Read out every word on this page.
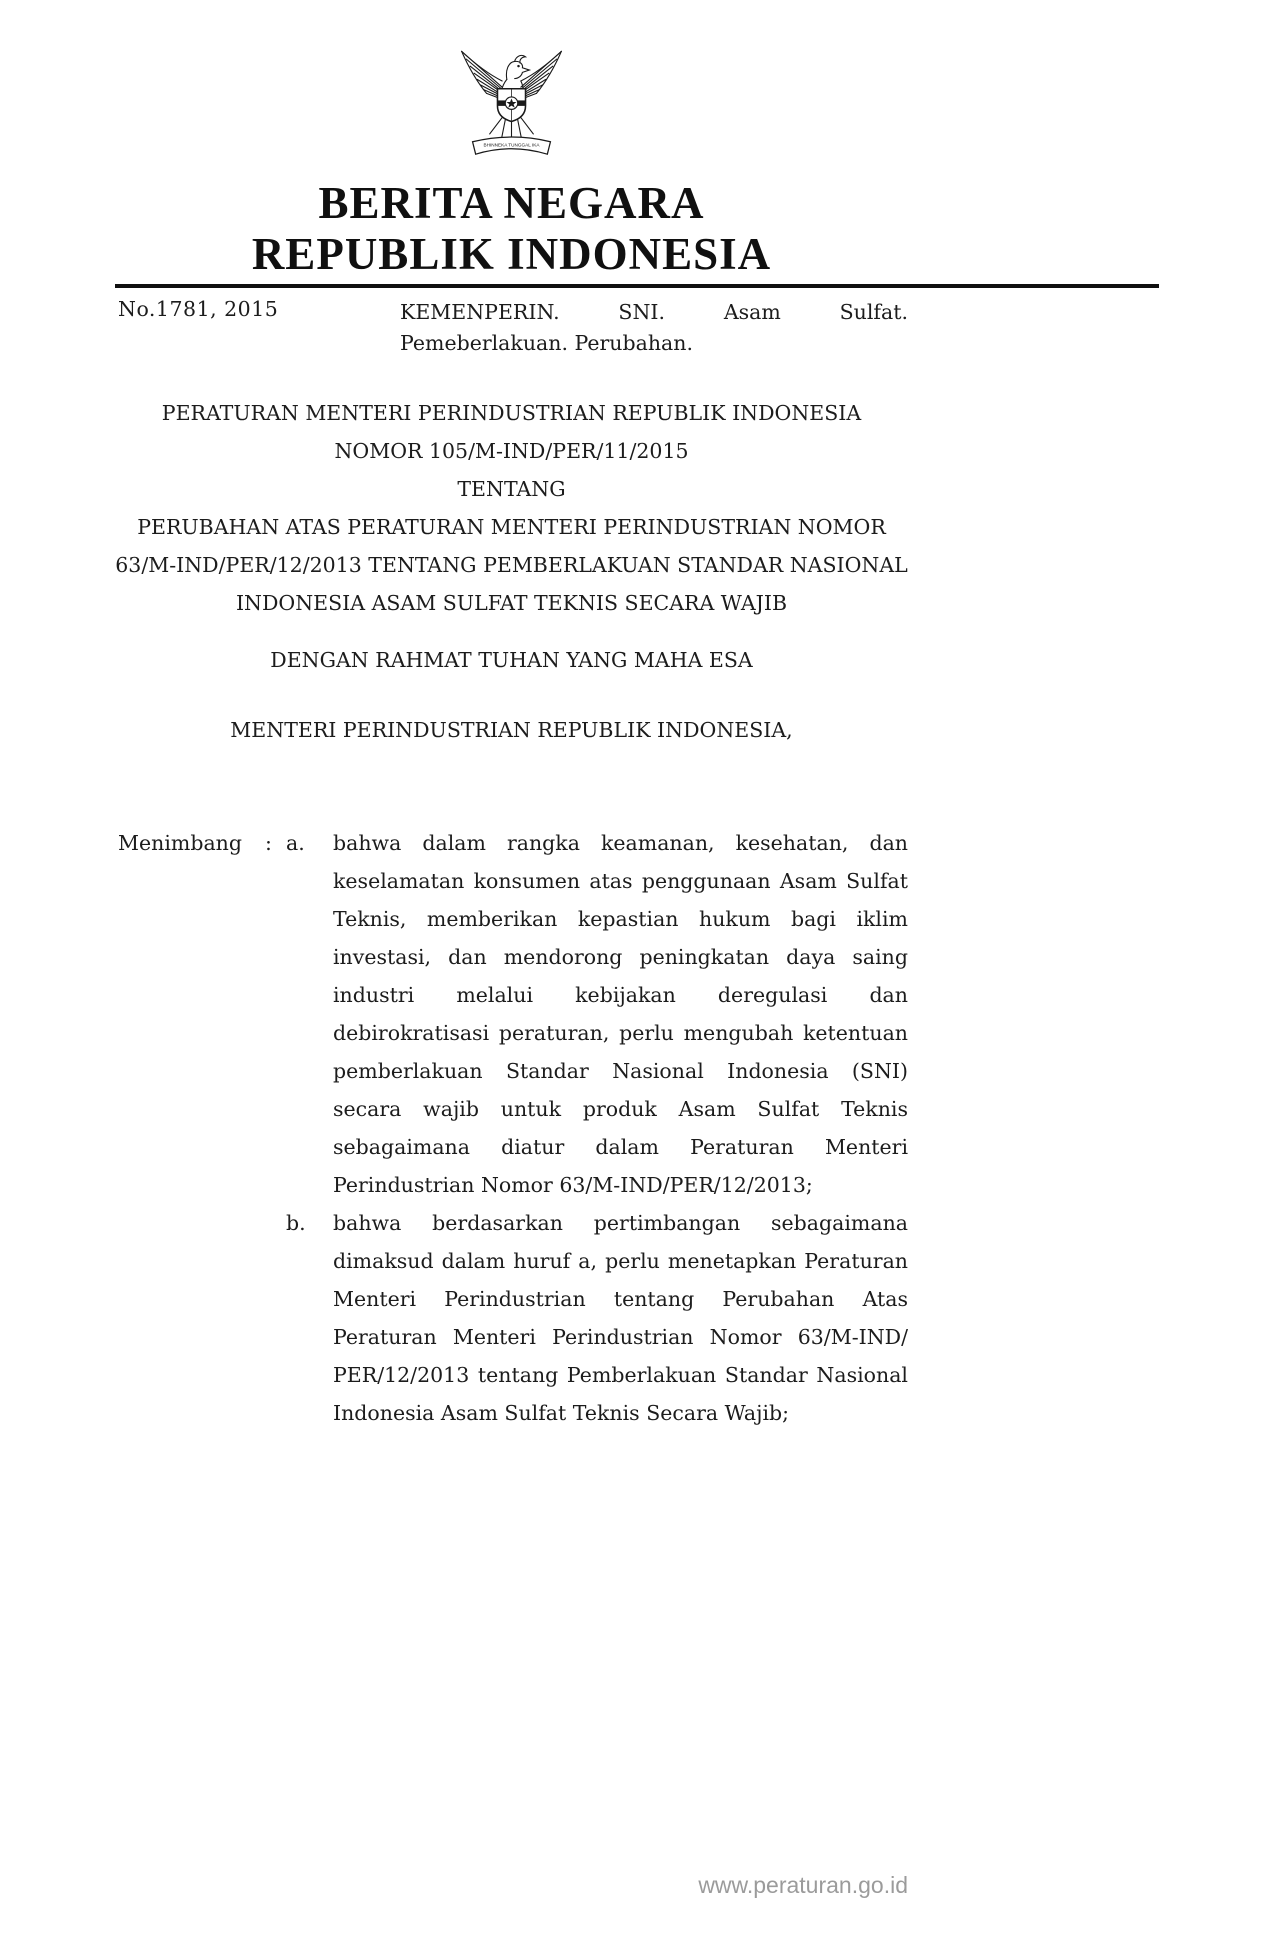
BHINNEKA TUNGGAL IKA
BERITA NEGARA
REPUBLIK INDONESIA
No.1781, 2015	KEMENPERIN. SNI. Asam Sulfat. Pemeberlakuan. Perubahan.
PERATURAN MENTERI PERINDUSTRIAN REPUBLIK INDONESIA
NOMOR 105/M-IND/PER/11/2015
TENTANG
PERUBAHAN ATAS PERATURAN MENTERI PERINDUSTRIAN NOMOR
63/M-IND/PER/12/2013 TENTANG PEMBERLAKUAN STANDAR NASIONAL
INDONESIA ASAM SULFAT TEKNIS SECARA WAJIB
DENGAN RAHMAT TUHAN YANG MAHA ESA
MENTERI PERINDUSTRIAN REPUBLIK INDONESIA,
Menimbang : a. bahwa dalam rangka keamanan, kesehatan, dan keselamatan konsumen atas penggunaan Asam Sulfat Teknis, memberikan kepastian hukum bagi iklim investasi, dan mendorong peningkatan daya saing industri melalui kebijakan deregulasi dan debirokratisasi peraturan, perlu mengubah ketentuan pemberlakuan Standar Nasional Indonesia (SNI) secara wajib untuk produk Asam Sulfat Teknis sebagaimana diatur dalam Peraturan Menteri Perindustrian Nomor 63/M-IND/PER/12/2013;
b. bahwa berdasarkan pertimbangan sebagaimana dimaksud dalam huruf a, perlu menetapkan Peraturan Menteri Perindustrian tentang Perubahan Atas Peraturan Menteri Perindustrian Nomor 63/M-IND/ PER/12/2013 tentang Pemberlakuan Standar Nasional Indonesia Asam Sulfat Teknis Secara Wajib;
www.peraturan.go.id
